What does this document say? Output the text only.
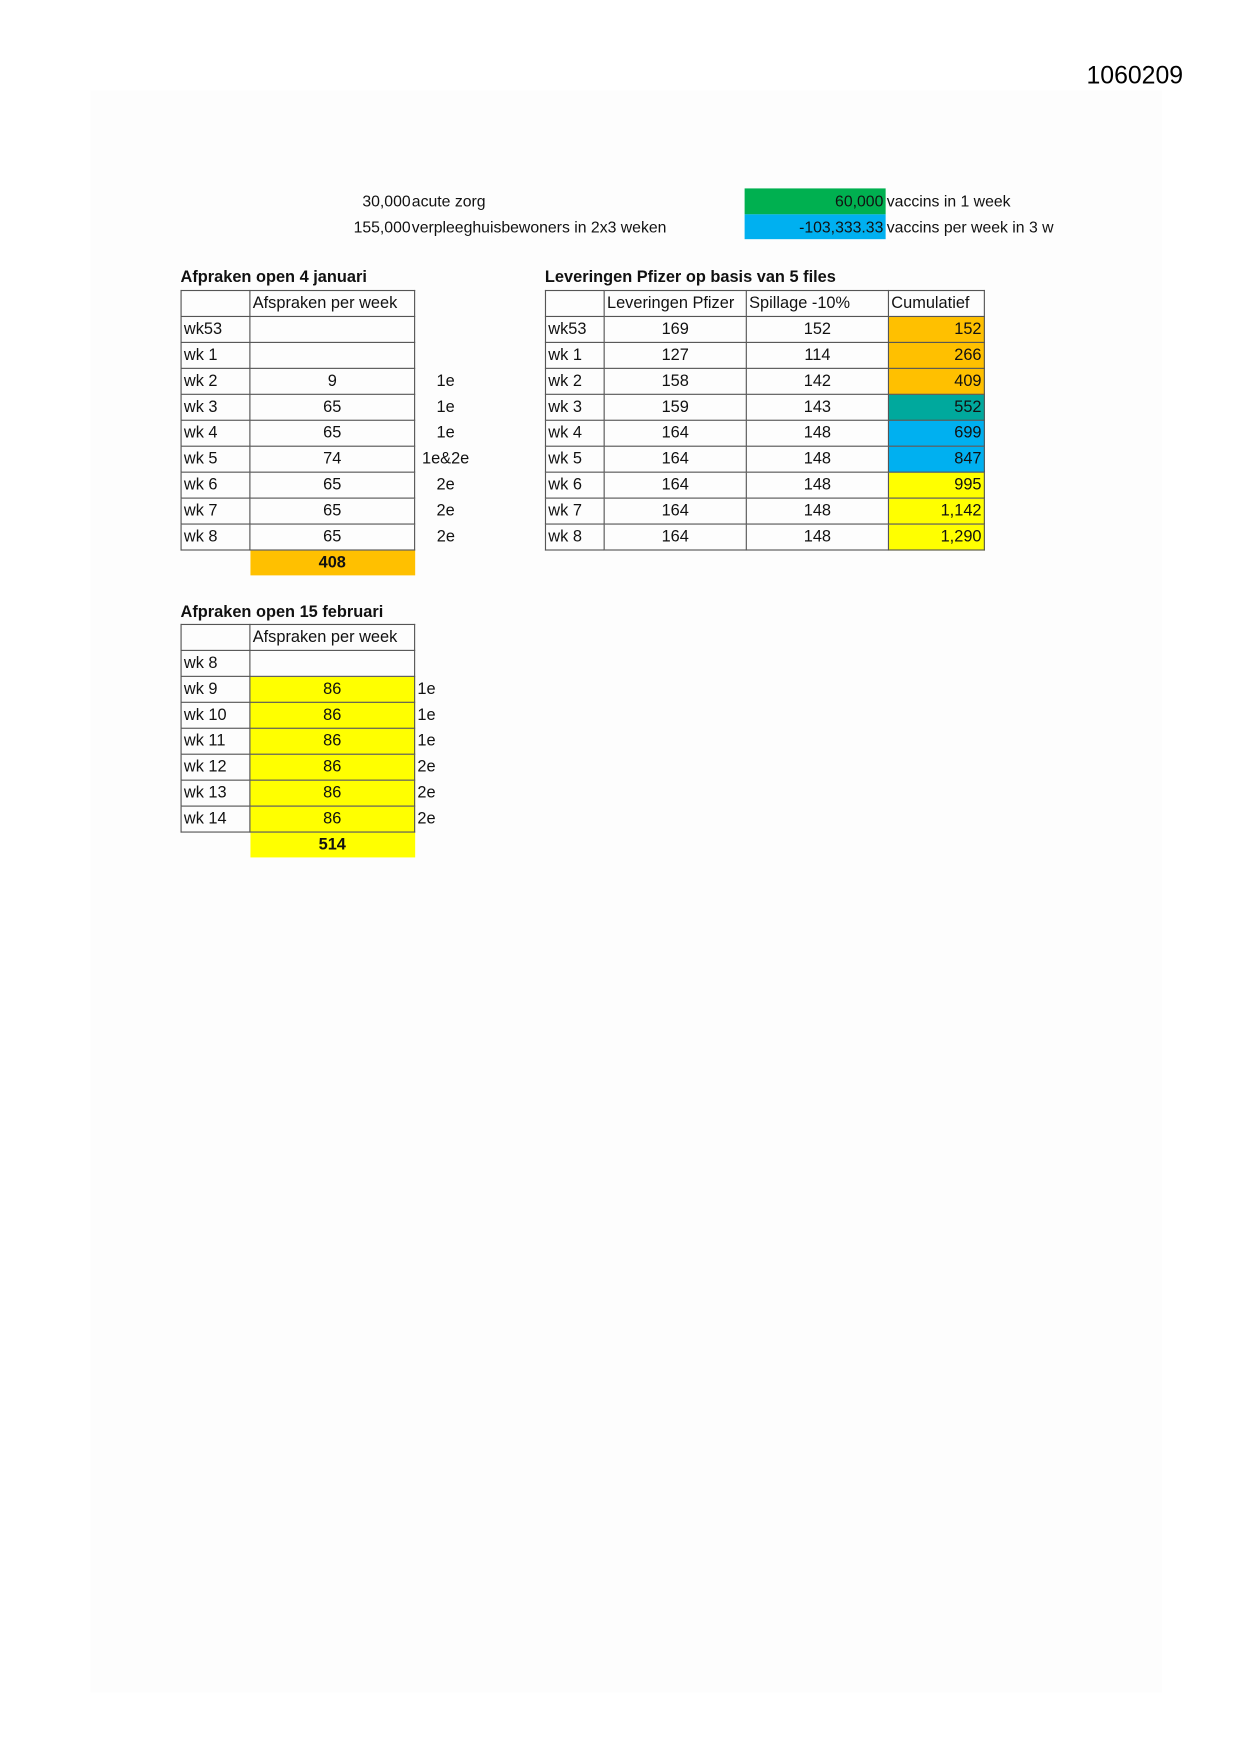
1060209
30,000 acute zorg
155,000 verpleeghuisbewoners in 2x3 weken
60,000 vaccins in 1 week
-103,333.33 vaccins per week in 3 w
Afpraken open 4 januari
	Afspraken per week	
wk53		
wk 1		
wk 2	9	1e
wk 3	65	1e
wk 4	65	1e
wk 5	74	1e&2e
wk 6	65	2e
wk 7	65	2e
wk 8	65	2e
	408	
Leveringen Pfizer op basis van 5 files
	Leveringen Pfizer	Spillage -10%	Cumulatief
wk53	169	152	152
wk 1	127	114	266
wk 2	158	142	409
wk 3	159	143	552
wk 4	164	148	699
wk 5	164	148	847
wk 6	164	148	995
wk 7	164	148	1,142
wk 8	164	148	1,290
Afpraken open 15 februari
	Afspraken per week	
wk 8		
wk 9	86	1e
wk 10	86	1e
wk 11	86	1e
wk 12	86	2e
wk 13	86	2e
wk 14	86	2e
	514	
